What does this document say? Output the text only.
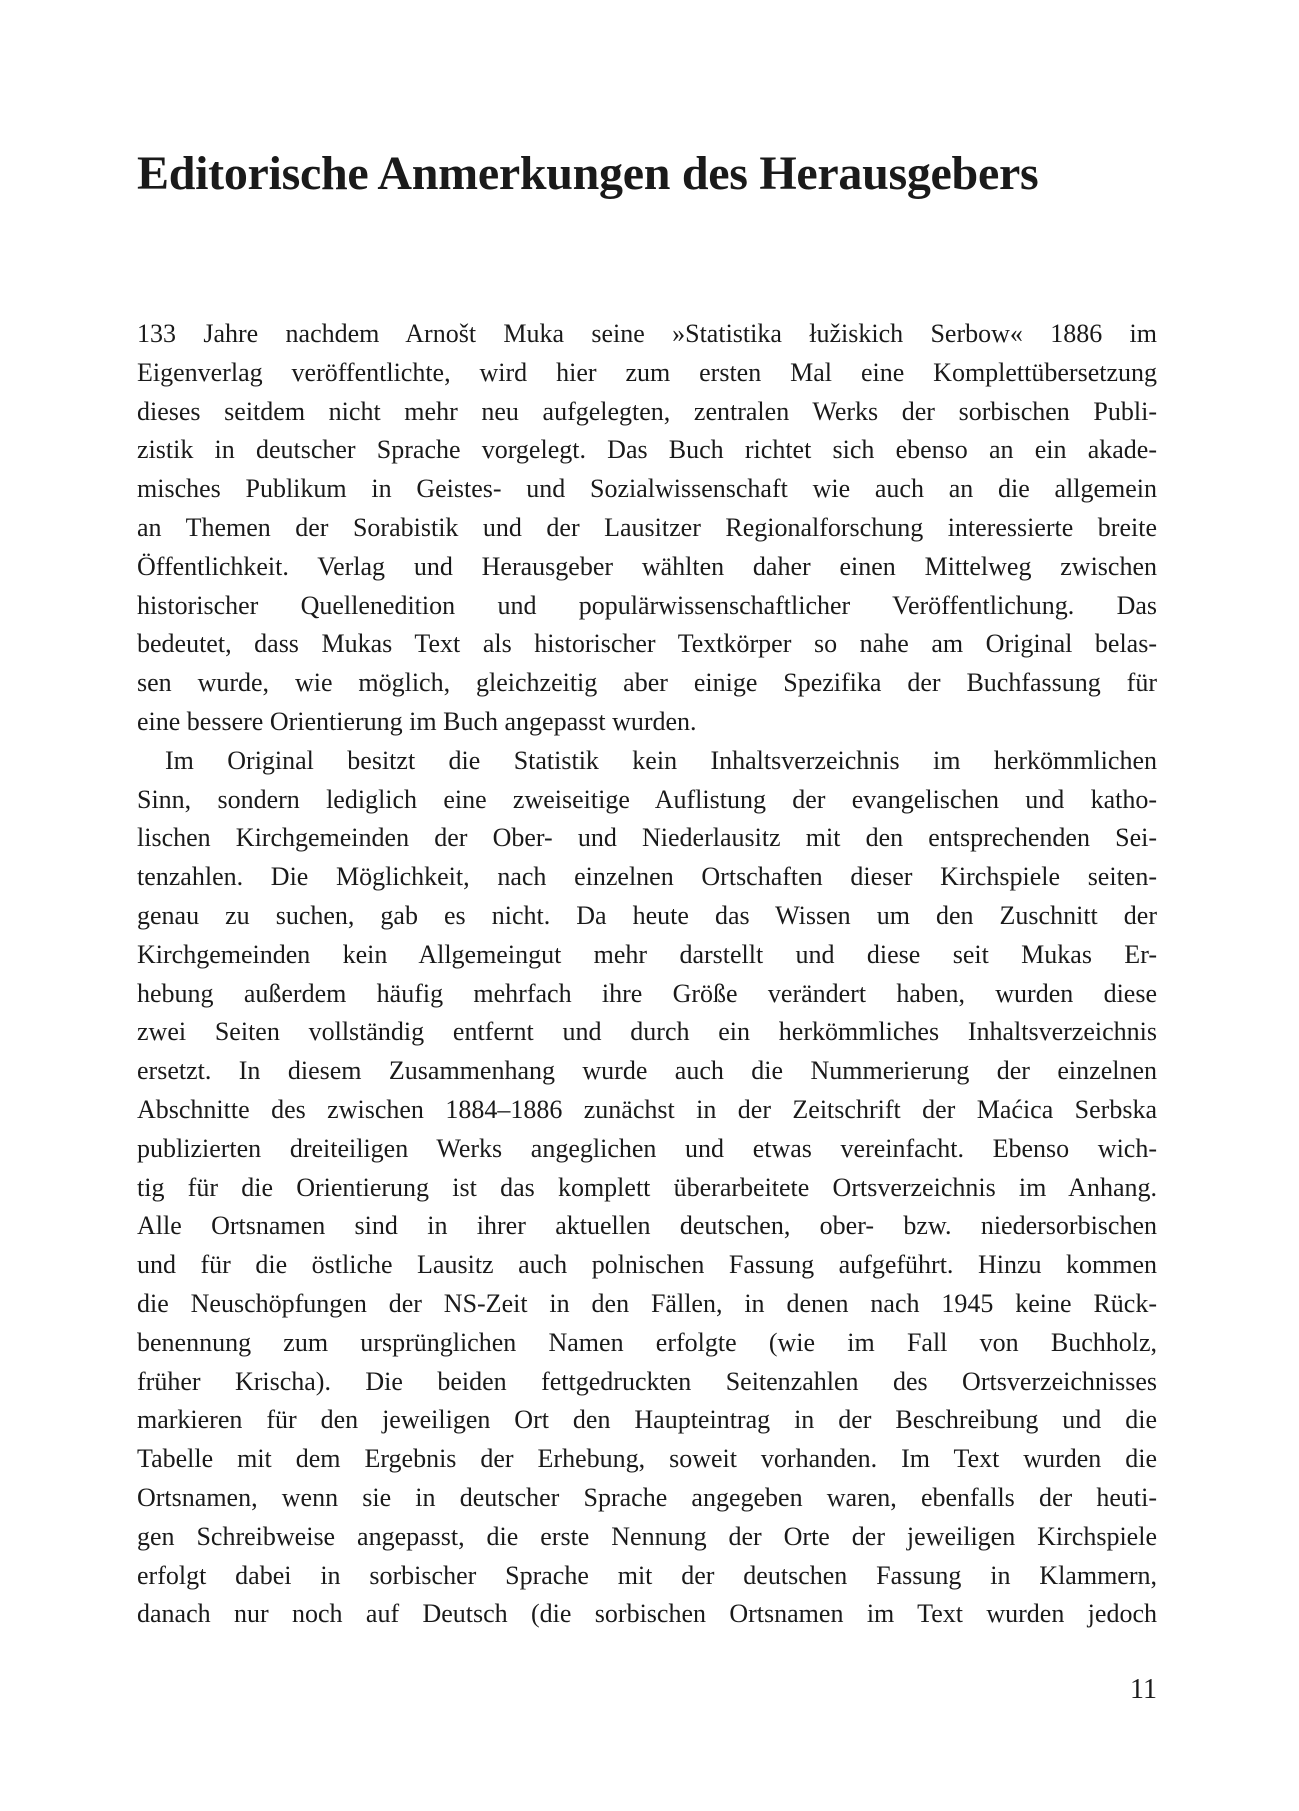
Editorische Anmerkungen des Herausgebers
133 Jahre nachdem Arnošt Muka seine »Statistika łužiskich Serbow« 1886 im
Eigenverlag veröffentlichte, wird hier zum ersten Mal eine Komplettübersetzung
dieses seitdem nicht mehr neu aufgelegten, zentralen Werks der sorbischen Publi-
zistik in deutscher Sprache vorgelegt. Das Buch richtet sich ebenso an ein akade-
misches Publikum in Geistes- und Sozialwissenschaft wie auch an die allgemein
an Themen der Sorabistik und der Lausitzer Regionalforschung interessierte breite
Öffentlichkeit. Verlag und Herausgeber wählten daher einen Mittelweg zwischen
historischer Quellenedition und populärwissenschaftlicher Veröffentlichung. Das
bedeutet, dass Mukas Text als historischer Textkörper so nahe am Original belas-
sen wurde, wie möglich, gleichzeitig aber einige Spezifika der Buchfassung für
eine bessere Orientierung im Buch angepasst wurden.
Im Original besitzt die Statistik kein Inhaltsverzeichnis im herkömmlichen
Sinn, sondern lediglich eine zweiseitige Auflistung der evangelischen und katho-
lischen Kirchgemeinden der Ober- und Niederlausitz mit den entsprechenden Sei-
tenzahlen. Die Möglichkeit, nach einzelnen Ortschaften dieser Kirchspiele seiten-
genau zu suchen, gab es nicht. Da heute das Wissen um den Zuschnitt der
Kirchgemeinden kein Allgemeingut mehr darstellt und diese seit Mukas Er-
hebung außerdem häufig mehrfach ihre Größe verändert haben, wurden diese
zwei Seiten vollständig entfernt und durch ein herkömmliches Inhaltsverzeichnis
ersetzt. In diesem Zusammenhang wurde auch die Nummerierung der einzelnen
Abschnitte des zwischen 1884–1886 zunächst in der Zeitschrift der Maćica Serbska
publizierten dreiteiligen Werks angeglichen und etwas vereinfacht. Ebenso wich-
tig für die Orientierung ist das komplett überarbeitete Ortsverzeichnis im Anhang.
Alle Ortsnamen sind in ihrer aktuellen deutschen, ober- bzw. niedersorbischen
und für die östliche Lausitz auch polnischen Fassung aufgeführt. Hinzu kommen
die Neuschöpfungen der NS-Zeit in den Fällen, in denen nach 1945 keine Rück-
benennung zum ursprünglichen Namen erfolgte (wie im Fall von Buchholz,
früher Krischa). Die beiden fettgedruckten Seitenzahlen des Ortsverzeichnisses
markieren für den jeweiligen Ort den Haupteintrag in der Beschreibung und die
Tabelle mit dem Ergebnis der Erhebung, soweit vorhanden. Im Text wurden die
Ortsnamen, wenn sie in deutscher Sprache angegeben waren, ebenfalls der heuti-
gen Schreibweise angepasst, die erste Nennung der Orte der jeweiligen Kirchspiele
erfolgt dabei in sorbischer Sprache mit der deutschen Fassung in Klammern,
danach nur noch auf Deutsch (die sorbischen Ortsnamen im Text wurden jedoch
11
